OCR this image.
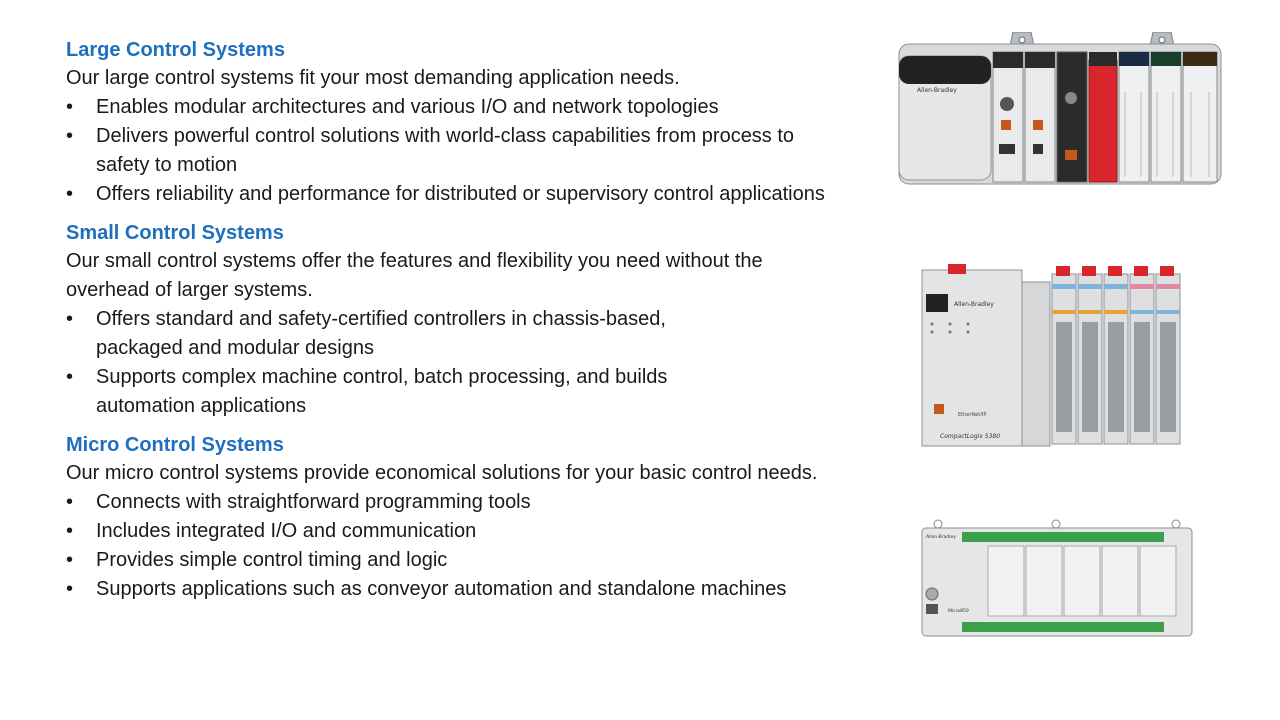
Large Control Systems

Our large control systems fit your most demanding application needs.

• Enables modular architectures and various I/O and network topologies
• Delivers powerful control solutions with world-class capabilities from process to safety to motion
• Offers reliability and performance for distributed or supervisory control applications

Small Control Systems

Our small control systems offer the features and flexibility you need without the overhead of larger systems.

• Offers standard and safety-certified controllers in chassis-based, packaged and modular designs
• Supports complex machine control, batch processing, and builds automation applications

Micro Control Systems

Our micro control systems provide economical solutions for your basic control needs.

• Connects with straightforward programming tools
• Includes integrated I/O and communication
• Provides simple control timing and logic
• Supports applications such as conveyor automation and standalone machines
Allen-Bradley
Allen-Bradley
EtherNet/IP
CompactLogix 5380
Allen-Bradley
Micro850
